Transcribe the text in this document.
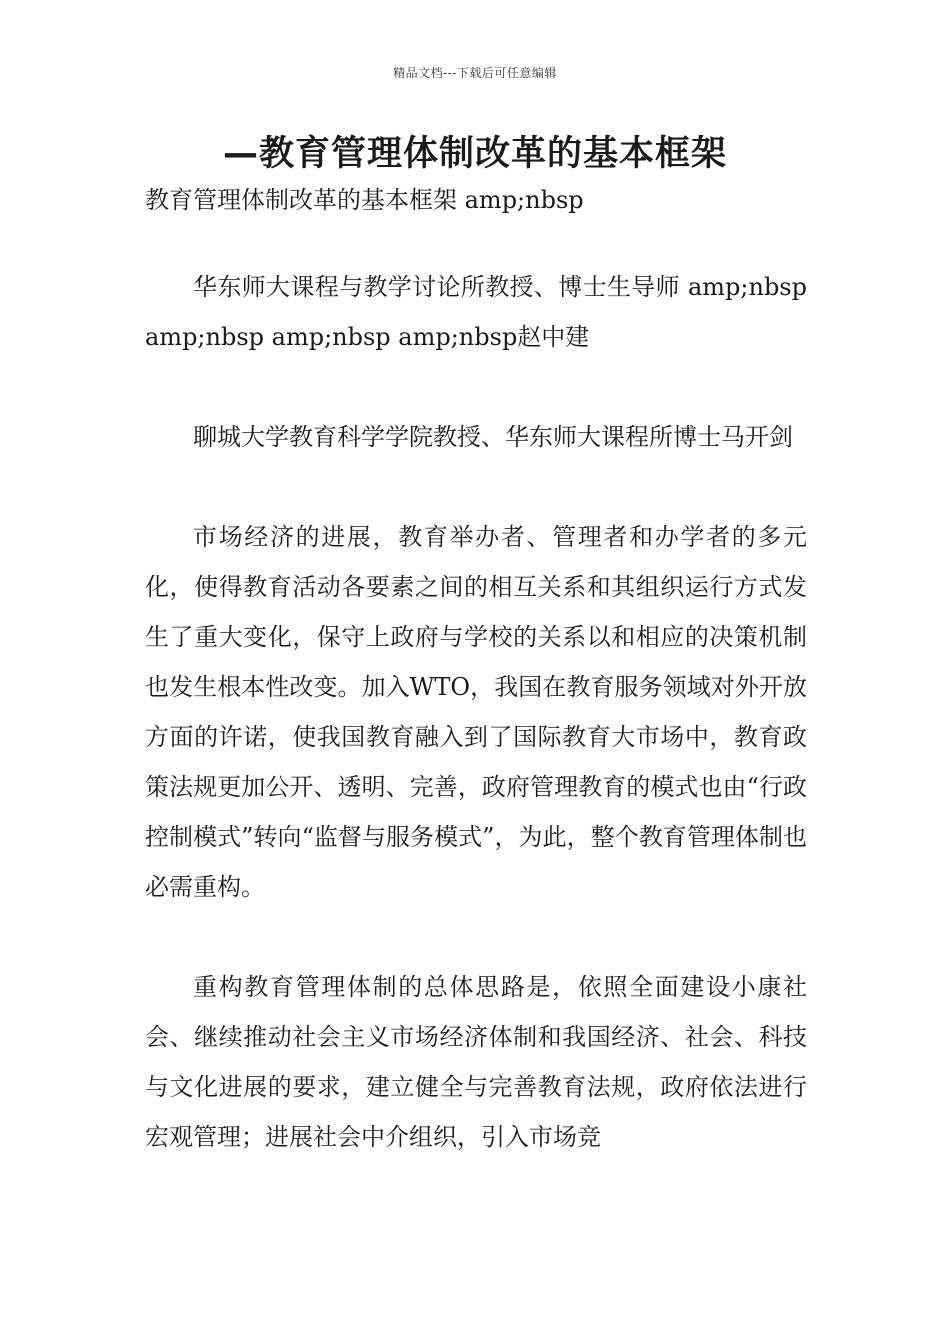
精品文档---下载后可任意编辑
—教育管理体制改革的基本框架

教育管理体制改革的基本框架 amp;nbsp

华东师大课程与教学讨论所教授、博士生导师 amp;nbsp amp;nbsp amp;nbsp amp;nbsp赵中建

聊城大学教育科学学院教授、华东师大课程所博士马开剑

市场经济的进展，教育举办者、管理者和办学者的多元化，使得教育活动各要素之间的相互关系和其组织运行方式发生了重大变化，保守上政府与学校的关系以和相应的决策机制也发生根本性改变。加入WTO，我国在教育服务领域对外开放方面的许诺，使我国教育融入到了国际教育大市场中，教育政策法规更加公开、透明、完善，政府管理教育的模式也由“行政控制模式”转向“监督与服务模式”，为此，整个教育管理体制也必需重构。

重构教育管理体制的总体思路是，依照全面建设小康社会、继续推动社会主义市场经济体制和我国经济、社会、科技与文化进展的要求，建立健全与完善教育法规，政府依法进行宏观管理；进展社会中介组织，引入市场竞
